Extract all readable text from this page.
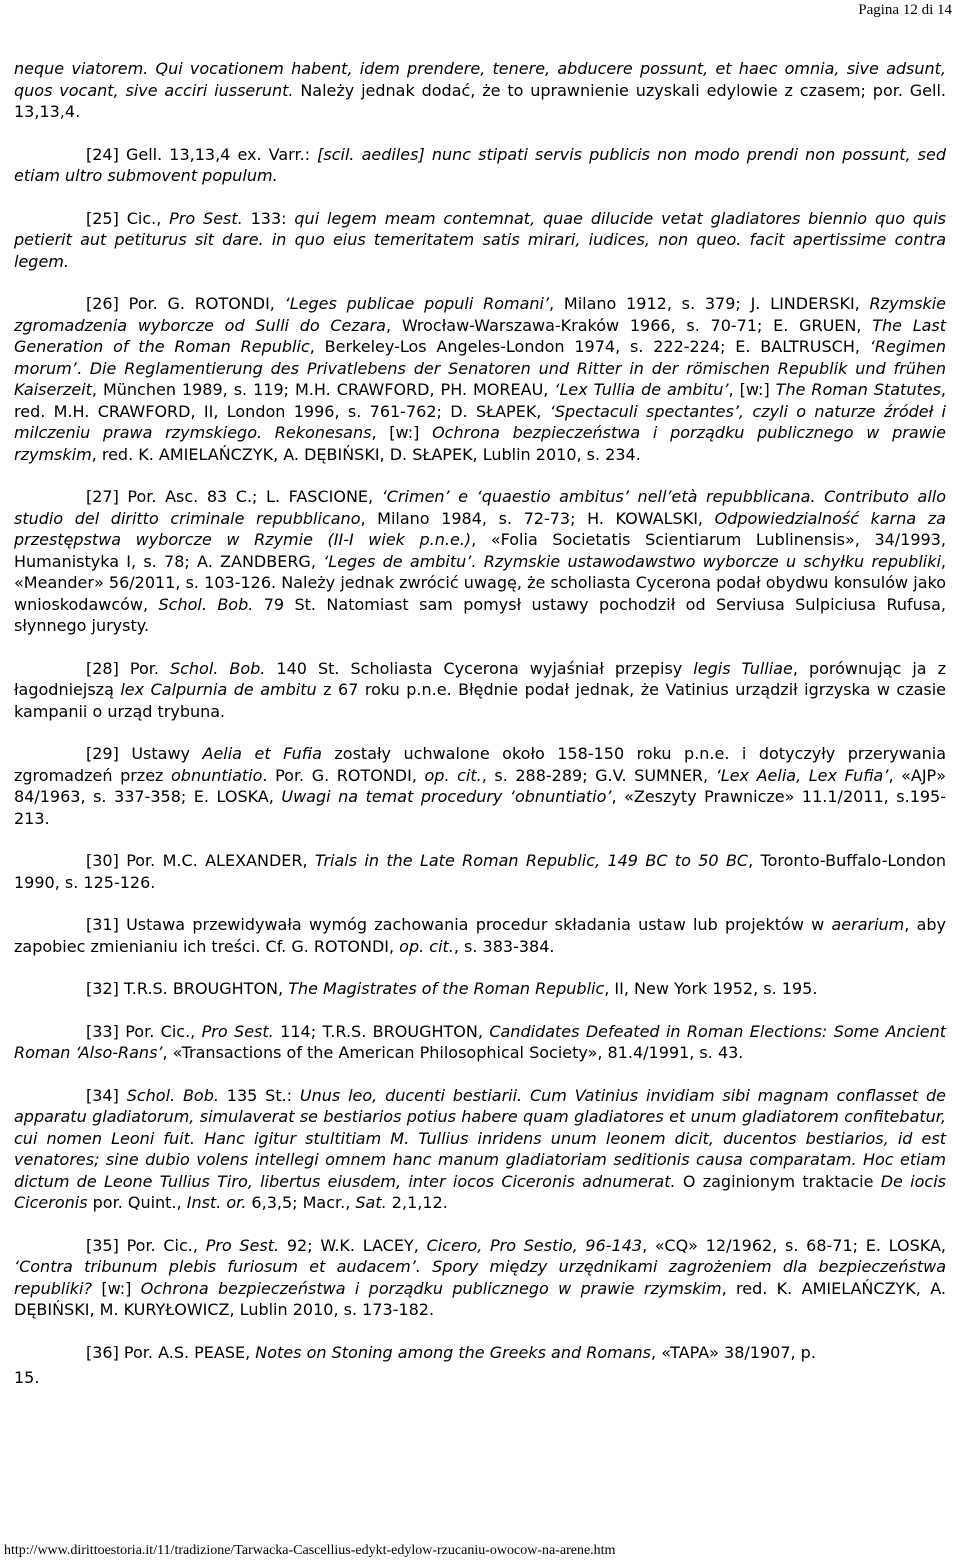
Pagina 12 di 14

neque viatorem. Qui vocationem habent, idem prendere, tenere, abducere possunt, et haec omnia, sive adsunt, quos vocant, sive acciri iusserunt. Należy jednak dodać, że to uprawnienie uzyskali edylowie z czasem; por. Gell. 13,13,4.

[24] Gell. 13,13,4 ex. Varr.: [scil. aediles] nunc stipati servis publicis non modo prendi non possunt, sed etiam ultro submovent populum.

[25] Cic., Pro Sest. 133: qui legem meam contemnat, quae dilucide vetat gladiatores biennio quo quis petierit aut petiturus sit dare. in quo eius temeritatem satis mirari, iudices, non queo. facit apertissime contra legem.

[26] Por. G. ROTONDI, ‘Leges publicae populi Romani’, Milano 1912, s. 379; J. LINDERSKI, Rzymskie zgromadzenia wyborcze od Sulli do Cezara, Wrocław-Warszawa-Kraków 1966, s. 70-71; E. GRUEN, The Last Generation of the Roman Republic, Berkeley-Los Angeles-London 1974, s. 222-224; E. BALTRUSCH, ‘Regimen morum’. Die Reglamentierung des Privatlebens der Senatoren und Ritter in der römischen Republik und frühen Kaiserzeit, München 1989, s. 119; M.H. CRAWFORD, PH. MOREAU, ‘Lex Tullia de ambitu’, [w:] The Roman Statutes, red. M.H. CRAWFORD, II, London 1996, s. 761-762; D. SŁAPEK, ‘Spectaculi spectantes’, czyli o naturze źródeł i milczeniu prawa rzymskiego. Rekonesans, [w:] Ochrona bezpieczeństwa i porządku publicznego w prawie rzymskim, red. K. AMIELAŃCZYK, A. DĘBIŃSKI, D. SŁAPEK, Lublin 2010, s. 234.

[27] Por. Asc. 83 C.; L. FASCIONE, ‘Crimen’ e ‘quaestio ambitus’ nell’età repubblicana. Contributo allo studio del diritto criminale repubblicano, Milano 1984, s. 72-73; H. KOWALSKI, Odpowiedzialność karna za przestępstwa wyborcze w Rzymie (II-I wiek p.n.e.), «Folia Societatis Scientiarum Lublinensis», 34/1993, Humanistyka I, s. 78; A. ZANDBERG, ‘Leges de ambitu’. Rzymskie ustawodawstwo wyborcze u schyłku republiki, «Meander» 56/2011, s. 103-126. Należy jednak zwrócić uwagę, że scholiasta Cycerona podał obydwu konsulów jako wnioskodawców, Schol. Bob. 79 St. Natomiast sam pomysł ustawy pochodził od Serviusa Sulpiciusa Rufusa, słynnego jurysty.

[28] Por. Schol. Bob. 140 St. Scholiasta Cycerona wyjaśniał przepisy legis Tulliae, porównując ja z łagodniejszą lex Calpurnia de ambitu z 67 roku p.n.e. Błędnie podał jednak, że Vatinius urządził igrzyska w czasie kampanii o urząd trybuna.

[29] Ustawy Aelia et Fufia zostały uchwalone około 158-150 roku p.n.e. i dotyczyły przerywania zgromadzeń przez obnuntiatio. Por. G. ROTONDI, op. cit., s. 288-289; G.V. SUMNER, ‘Lex Aelia, Lex Fufia’, «AJP» 84/1963, s. 337-358; E. LOSKA, Uwagi na temat procedury ‘obnuntiatio’, «Zeszyty Prawnicze» 11.1/2011, s.195-213.

[30] Por. M.C. ALEXANDER, Trials in the Late Roman Republic, 149 BC to 50 BC, Toronto-Buffalo-London 1990, s. 125-126.

[31] Ustawa przewidywała wymóg zachowania procedur składania ustaw lub projektów w aerarium, aby zapobiec zmienianiu ich treści. Cf. G. ROTONDI, op. cit., s. 383-384.

[32] T.R.S. BROUGHTON, The Magistrates of the Roman Republic, II, New York 1952, s. 195.

[33] Por. Cic., Pro Sest. 114; T.R.S. BROUGHTON, Candidates Defeated in Roman Elections: Some Ancient Roman ‘Also-Rans’, «Transactions of the American Philosophical Society», 81.4/1991, s. 43.

[34] Schol. Bob. 135 St.: Unus leo, ducenti bestiarii. Cum Vatinius invidiam sibi magnam conflasset de apparatu gladiatorum, simulaverat se bestiarios potius habere quam gladiatores et unum gladiatorem confitebatur, cui nomen Leoni fuit. Hanc igitur stultitiam M. Tullius inridens unum leonem dicit, ducentos bestiarios, id est venatores; sine dubio volens intellegi omnem hanc manum gladiatoriam seditionis causa comparatam. Hoc etiam dictum de Leone Tullius Tiro, libertus eiusdem, inter iocos Ciceronis adnumerat. O zaginionym traktacie De iocis Ciceronis por. Quint., Inst. or. 6,3,5; Macr., Sat. 2,1,12.

[35] Por. Cic., Pro Sest. 92; W.K. LACEY, Cicero, Pro Sestio, 96-143, «CQ» 12/1962, s. 68-71; E. LOSKA, ‘Contra tribunum plebis furiosum et audacem’. Spory między urzędnikami zagrożeniem dla bezpieczeństwa republiki? [w:] Ochrona bezpieczeństwa i porządku publicznego w prawie rzymskim, red. K. AMIELAŃCZYK, A. DĘBIŃSKI, M. KURYŁOWICZ, Lublin 2010, s. 173-182.

[36] Por. A.S. PEASE, Notes on Stoning among the Greeks and Romans, «TAPA» 38/1907, p.
15.

http://www.dirittoestoria.it/11/tradizione/Tarwacka-Cascellius-edykt-edylow-rzucaniu-owocow-na-arene.htm
